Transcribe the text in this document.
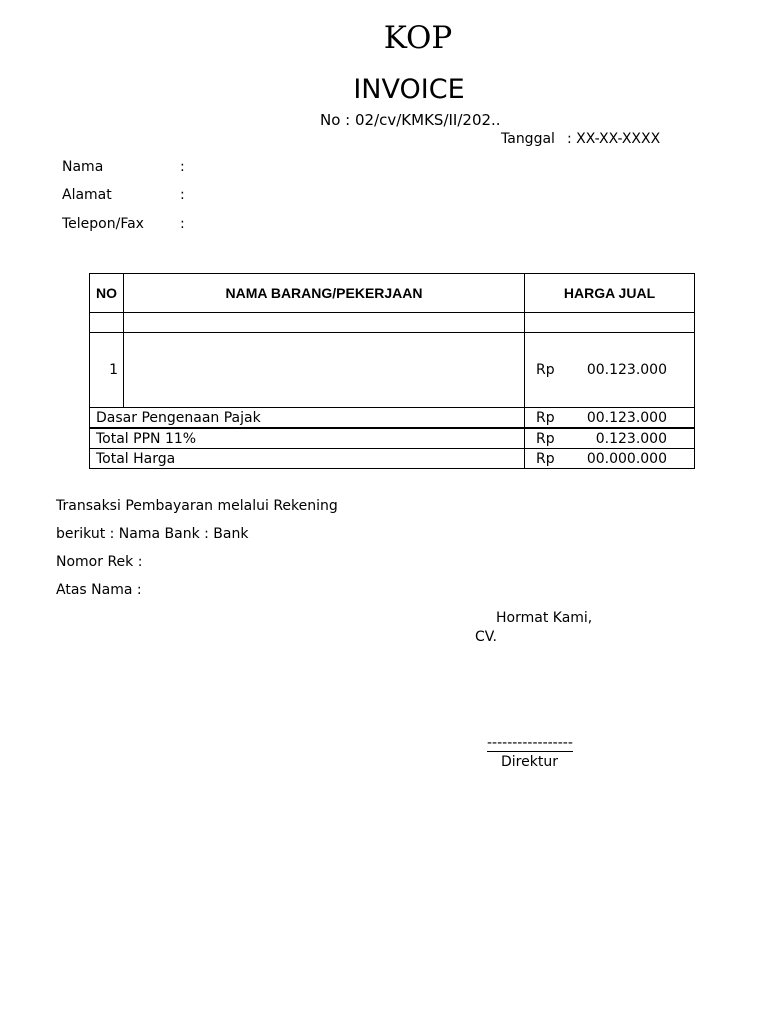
KOP
INVOICE
No : 02/cv/KMKS/II/202..
Tanggal : XX-XX-XXXX
Nama	:
Alamat	:
Telepon/Fax	:
NO	NAMA BARANG/PEKERJAAN	HARGA JUAL

1		Rp 00.123.000

Dasar Pengenaan Pajak		Rp 00.123.000

Total PPN 11%		Rp 0.123.000

Total Harga		Rp 00.000.000
Transaksi Pembayaran melalui Rekening
berikut : Nama Bank : Bank
Nomor Rek :
Atas Nama :
Hormat Kami,
CV.
-----------------
Direktur
